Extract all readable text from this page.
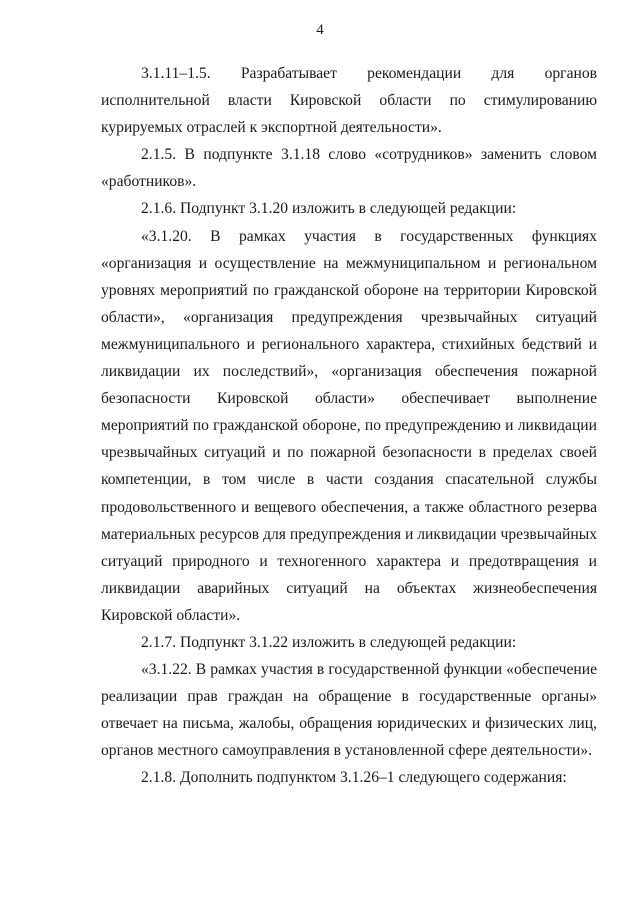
4

3.1.11–1.5. Разрабатывает рекомендации для органов исполнительной власти Кировской области по стимулированию курируемых отраслей к экспортной деятельности».

2.1.5. В подпункте 3.1.18 слово «сотрудников» заменить словом «работников».

2.1.6. Подпункт 3.1.20 изложить в следующей редакции:

«3.1.20. В рамках участия в государственных функциях «организация и осуществление на межмуниципальном и региональном уровнях мероприятий по гражданской обороне на территории Кировской области», «организация предупреждения чрезвычайных ситуаций межмуниципального и регионального характера, стихийных бедствий и ликвидации их последствий», «организация обеспечения пожарной безопасности Кировской области» обеспечивает выполнение мероприятий по гражданской обороне, по предупреждению и ликвидации чрезвычайных ситуаций и по пожарной безопасности в пределах своей компетенции, в том числе в части создания спасательной службы продовольственного и вещевого обеспечения, а также областного резерва материальных ресурсов для предупреждения и ликвидации чрезвычайных ситуаций природного и техногенного характера и предотвращения и ликвидации аварийных ситуаций на объектах жизнеобеспечения Кировской области».

2.1.7. Подпункт 3.1.22 изложить в следующей редакции:

«3.1.22. В рамках участия в государственной функции «обеспечение реализации прав граждан на обращение в государственные органы» отвечает на письма, жалобы, обращения юридических и физических лиц, органов местного самоуправления в установленной сфере деятельности».

2.1.8. Дополнить подпунктом 3.1.26–1 следующего содержания:
